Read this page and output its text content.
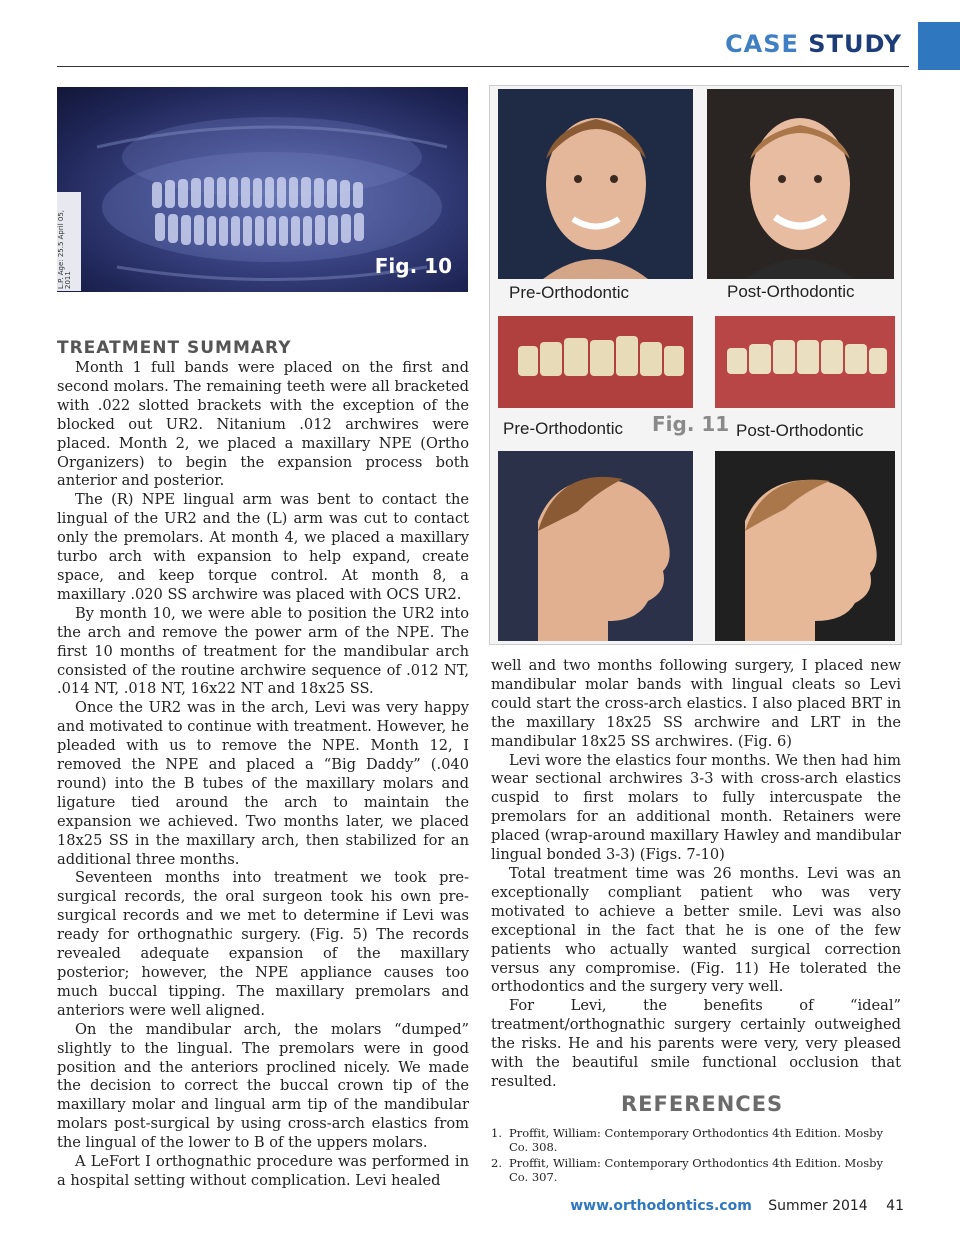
CASE STUDY
L.P. Age: 25.5 April 05, 2011
Fig. 10
Pre-Orthodontic	Post-Orthodontic
Pre-Orthodontic Fig. 11 Post-Orthodontic
TREATMENT SUMMARY

Month 1 full bands were placed on the first and second molars. The remaining teeth were all bracketed with .022 slotted brackets with the exception of the blocked out UR2. Nitanium .012 archwires were placed. Month 2, we placed a maxillary NPE (Ortho Organizers) to begin the expansion process both anterior and posterior.

The (R) NPE lingual arm was bent to contact the lingual of the UR2 and the (L) arm was cut to contact only the premolars. At month 4, we placed a maxillary turbo arch with expansion to help expand, create space, and keep torque control. At month 8, a maxillary .020 SS archwire was placed with OCS UR2.

By month 10, we were able to position the UR2 into the arch and remove the power arm of the NPE. The first 10 months of treatment for the mandibular arch consisted of the routine archwire sequence of .012 NT, .014 NT, .018 NT, 16x22 NT and 18x25 SS.

Once the UR2 was in the arch, Levi was very happy and motivated to continue with treatment. However, he pleaded with us to remove the NPE. Month 12, I removed the NPE and placed a “Big Daddy” (.040 round) into the B tubes of the maxillary molars and ligature tied around the arch to maintain the expansion we achieved. Two months later, we placed 18x25 SS in the maxillary arch, then stabilized for an additional three months.

Seventeen months into treatment we took pre-surgical records, the oral surgeon took his own pre-surgical records and we met to determine if Levi was ready for orthognathic surgery. (Fig. 5) The records revealed adequate expansion of the maxillary posterior; however, the NPE appliance causes too much buccal tipping. The maxillary premolars and anteriors were well aligned.

On the mandibular arch, the molars “dumped” slightly to the lingual. The premolars were in good position and the anteriors proclined nicely. We made the decision to correct the buccal crown tip of the maxillary molar and lingual arm tip of the mandibular molars post-surgical by using cross-arch elastics from the lingual of the lower to B of the uppers molars.

A LeFort I orthognathic procedure was performed in a hospital setting without complication. Levi healed

well and two months following surgery, I placed new mandibular molar bands with lingual cleats so Levi could start the cross-arch elastics. I also placed BRT in the maxillary 18x25 SS archwire and LRT in the mandibular 18x25 SS archwires. (Fig. 6)

Levi wore the elastics four months. We then had him wear sectional archwires 3-3 with cross-arch elastics cuspid to first molars to fully intercuspate the premolars for an additional month. Retainers were placed (wrap-around maxillary Hawley and mandibular lingual bonded 3-3) (Figs. 7-10)

Total treatment time was 26 months. Levi was an exceptionally compliant patient who was very motivated to achieve a better smile. Levi was also exceptional in the fact that he is one of the few patients who actually wanted surgical correction versus any compromise. (Fig. 11) He tolerated the orthodontics and the surgery very well.

For Levi, the benefits of “ideal” treatment/orthognathic surgery certainly outweighed the risks. He and his parents were very, very pleased with the beautiful smile functional occlusion that resulted.

REFERENCES
1. Proffit, William: Contemporary Orthodontics 4th Edition. Mosby Co. 308.
2. Proffit, William: Contemporary Orthodontics 4th Edition. Mosby Co. 307.
www.orthodontics.com Summer 2014 41
